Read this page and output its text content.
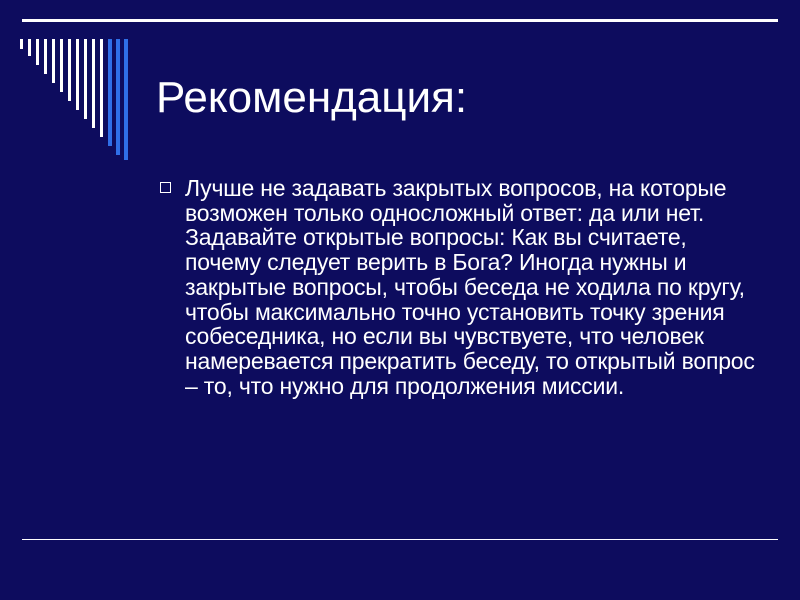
Рекомендация:
Лучше не задавать закрытых вопросов, на которые возможен только односложный ответ: да или нет. Задавайте открытые вопросы: Как вы считаете, почему следует верить в Бога? Иногда нужны и закрытые вопросы, чтобы беседа не ходила по кругу, чтобы максимально точно установить точку зрения собеседника, но если вы чувствуете, что человек намеревается прекратить беседу, то открытый вопрос – то, что нужно для продолжения миссии.
